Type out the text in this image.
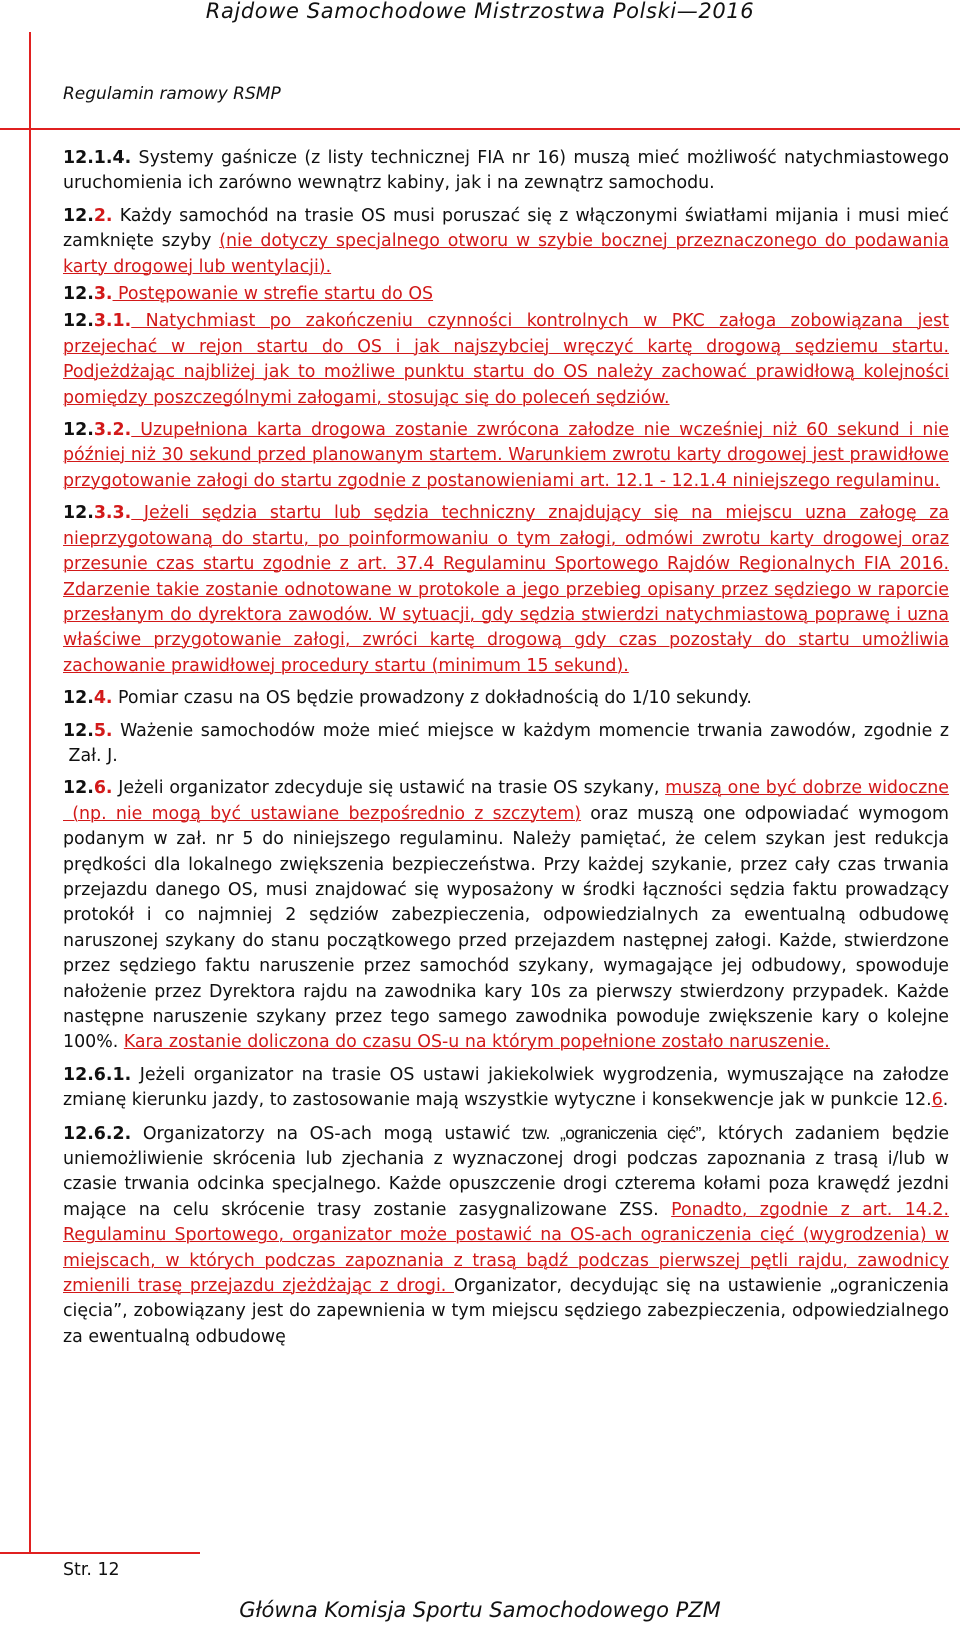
Rajdowe Samochodowe Mistrzostwa Polski—2016
Regulamin ramowy RSMP
12.1.4. Systemy gaśnicze (z listy technicznej FIA nr 16) muszą mieć możliwość natychmiastowego uruchomienia ich zarówno wewnątrz kabiny, jak i na zewnątrz samochodu.
12.2. Każdy samochód na trasie OS musi poruszać się z włączonymi światłami mijania i musi mieć zamknięte szyby (nie dotyczy specjalnego otworu w szybie bocznej przeznaczonego do podawania karty drogowej lub wentylacji).
12.3. Postępowanie w strefie startu do OS
12.3.1. Natychmiast po zakończeniu czynności kontrolnych w PKC załoga zobowiązana jest przejechać w rejon startu do OS i jak najszybciej wręczyć kartę drogową sędziemu startu. Podjeżdżając najbliżej jak to możliwe punktu startu do OS należy zachować prawidłową kolejności pomiędzy poszczególnymi załogami, stosując się do poleceń sędziów.
12.3.2. Uzupełniona karta drogowa zostanie zwrócona załodze nie wcześniej niż 60 sekund i nie później niż 30 sekund przed planowanym startem. Warunkiem zwrotu karty drogowej jest prawidłowe przygotowanie załogi do startu zgodnie z postanowieniami art. 12.1 - 12.1.4 niniejszego regulaminu.
12.3.3. Jeżeli sędzia startu lub sędzia techniczny znajdujący się na miejscu uzna załogę za nieprzygotowaną do startu, po poinformowaniu o tym załogi, odmówi zwrotu karty drogowej oraz przesunie czas startu zgodnie z art. 37.4 Regulaminu Sportowego Rajdów Regionalnych FIA 2016. Zdarzenie takie zostanie odnotowane w protokole a jego przebieg opisany przez sędziego w raporcie przesłanym do dyrektora zawodów. W sytuacji, gdy sędzia stwierdzi natychmiastową poprawę i uzna właściwe przygotowanie załogi, zwróci kartę drogową gdy czas pozostały do startu umożliwia zachowanie prawidłowej procedury startu (minimum 15 sekund).
12.4. Pomiar czasu na OS będzie prowadzony z dokładnością do 1/10 sekundy.
12.5. Ważenie samochodów może mieć miejsce w każdym momencie trwania zawodów, zgodnie z  Zał. J.
12.6. Jeżeli organizator zdecyduje się ustawić na trasie OS szykany, muszą one być dobrze widoczne  (np. nie mogą być ustawiane bezpośrednio z szczytem) oraz muszą one odpowiadać wymogom podanym w zał. nr 5 do niniejszego regulaminu. Należy pamiętać, że celem szykan jest redukcja prędkości dla lokalnego zwiększenia bezpieczeństwa. Przy każdej szykanie, przez cały czas trwania przejazdu danego OS, musi znajdować się wyposażony w środki łączności sędzia faktu prowadzący protokół i co najmniej 2 sędziów zabezpieczenia, odpowiedzialnych za ewentualną odbudowę naruszonej szykany do stanu początkowego przed przejazdem następnej załogi. Każde, stwierdzone przez sędziego faktu naruszenie przez samochód szykany, wymagające jej odbudowy, spowoduje nałożenie przez Dyrektora rajdu na zawodnika kary 10s za pierwszy stwierdzony przypadek. Każde następne naruszenie szykany przez tego samego zawodnika powoduje zwiększenie kary o kolejne 100%. Kara zostanie doliczona do czasu OS-u na którym popełnione zostało naruszenie.
12.6.1. Jeżeli organizator na trasie OS ustawi jakiekolwiek wygrodzenia, wymuszające na załodze zmianę kierunku jazdy, to zastosowanie mają wszystkie wytyczne i konsekwencje jak w punkcie 12.6.
12.6.2. Organizatorzy na OS-ach mogą ustawić tzw. „ograniczenia cięć”, których zadaniem będzie uniemożliwienie skrócenia lub zjechania z wyznaczonej drogi podczas zapoznania z trasą i/lub w czasie trwania odcinka specjalnego. Każde opuszczenie drogi czterema kołami poza krawędź jezdni mające na celu skrócenie trasy zostanie zasygnalizowane ZSS. Ponadto, zgodnie z art. 14.2. Regulaminu Sportowego, organizator może postawić na OS-ach ograniczenia cięć (wygrodzenia) w miejscach, w których podczas zapoznania z trasą bądź podczas pierwszej pętli rajdu, zawodnicy zmienili trasę przejazdu zjeżdżając z drogi. Organizator, decydując się na ustawienie „ograniczenia cięcia”, zobowiązany jest do zapewnienia w tym miejscu sędziego zabezpieczenia, odpowiedzialnego za ewentualną odbudowę
Str. 12
Główna Komisja Sportu Samochodowego PZM
